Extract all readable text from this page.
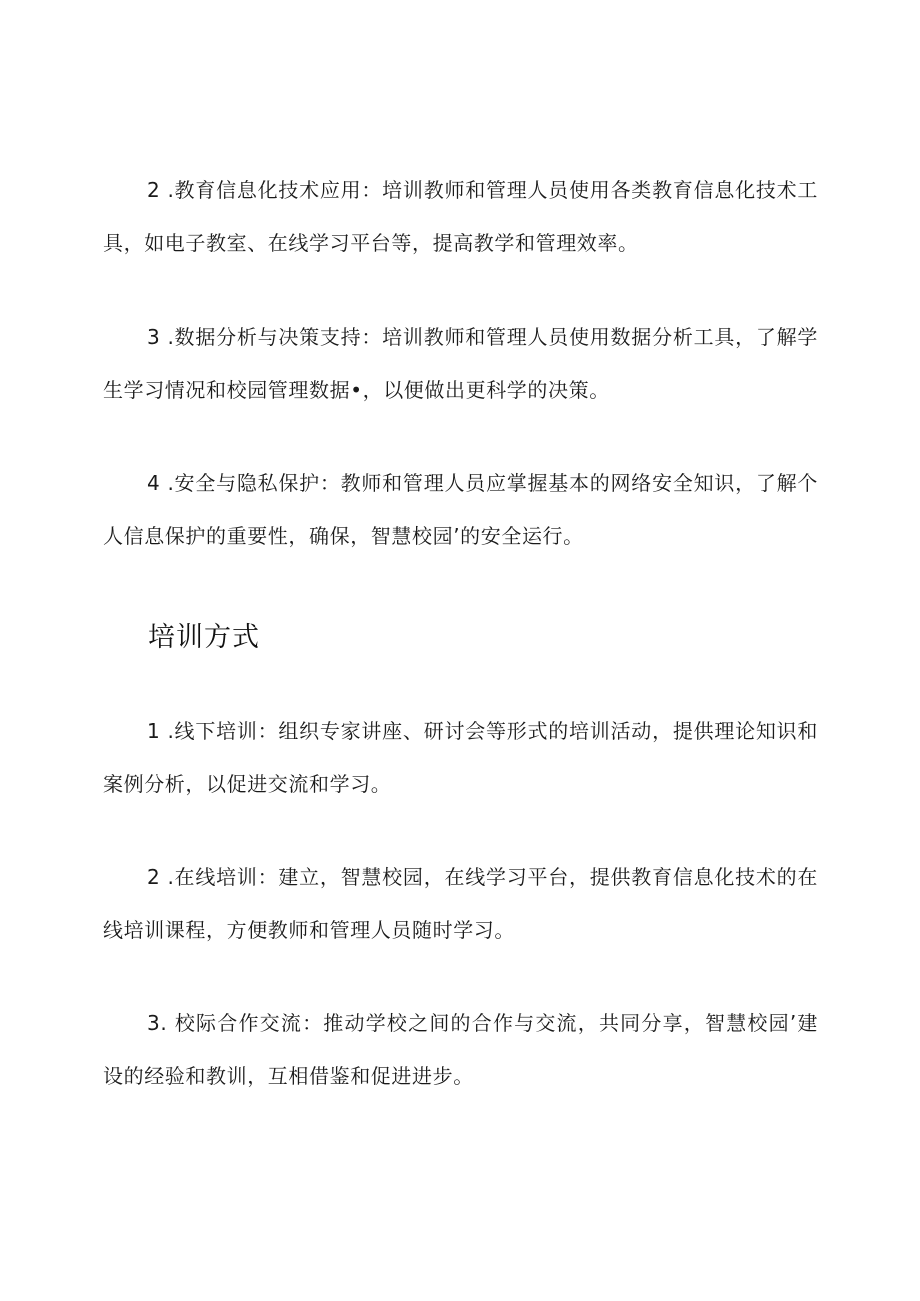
2 .教育信息化技术应用：培训教师和管理人员使用各类教育信息化技术工具，如电子教室、在线学习平台等，提高教学和管理效率。

3 .数据分析与决策支持：培训教师和管理人员使用数据分析工具，了解学生学习情况和校园管理数据•，以便做出更科学的决策。

4 .安全与隐私保护：教师和管理人员应掌握基本的网络安全知识，了解个人信息保护的重要性，确保，智慧校园’的安全运行。

培训方式

1 .线下培训：组织专家讲座、研讨会等形式的培训活动，提供理论知识和案例分析，以促进交流和学习。

2 .在线培训：建立，智慧校园，在线学习平台，提供教育信息化技术的在线培训课程，方便教师和管理人员随时学习。

3. 校际合作交流：推动学校之间的合作与交流，共同分享，智慧校园’建设的经验和教训，互相借鉴和促进进步。
